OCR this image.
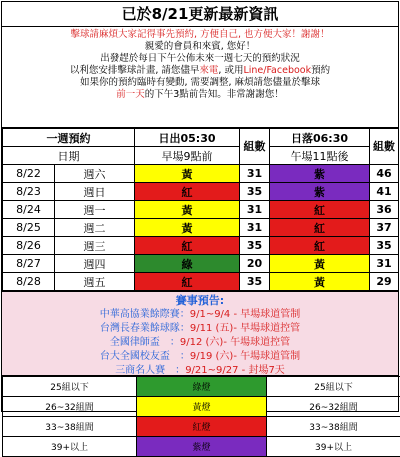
已於8/21更新最新資訊
擊球請麻煩大家記得事先預約, 方便自己, 也方便大家！謝謝！
親愛的會員和來賓, 您好！
出發趕於每日下午公佈未來一週七天的預約狀況
以利您安排擊球計畫, 請您儘早來電, 或用Line/Facebook預約
如果你的預約臨時有變動, 需要調整, 麻煩請您儘量於擊球
前一天的下午3點前告知。非常謝謝您！
一週預約		日出05:30	組數	日落06:30	組數
日期		早場9點前		午場11點後	
8/22	週六	黃	31	紫	46
8/23	週日	紅	35	紫	41
8/24	週一	黃	31	紅	36
8/25	週二	黃	31	紅	37
8/26	週三	紅	35	紅	35
8/27	週四	綠	20	黃	31
8/28	週五	紅	35	黃	29
賽事預告:
中華高協業餘際賽：9/1~9/4 - 早場球道管制
台灣長春業餘球隊：9/11 (五)- 早場球道控管
全國律師盃　：9/12 (六)- 午場球道控管
台大全國校友盃　：9/19 (六)- 午場球道管制
三商名人賽　：9/21~9/27 - 封場7天
25組以下	綠燈	25組以下
26~32組間	黃燈	26~32組間
33~38組間	紅燈	33~38組間
39+以上	紫燈	39+以上
